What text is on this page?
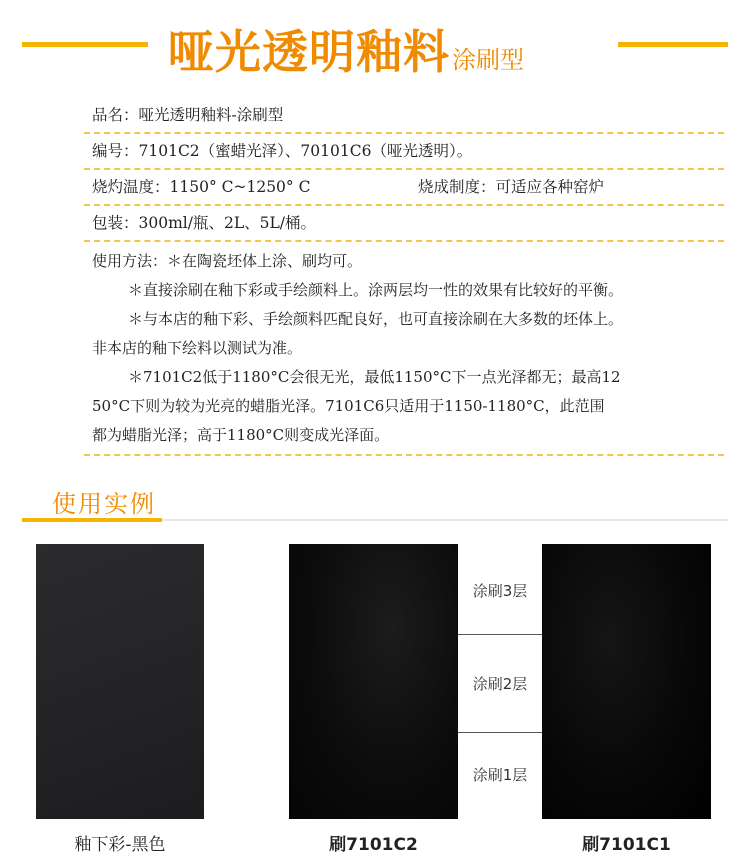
哑光透明釉料涂刷型
品名：哑光透明釉料-涂刷型
编号：7101C2（蜜蜡光泽）、70101C6（哑光透明）。
烧灼温度：1150° C~1250° C	烧成制度：可适应各种窑炉
包装：300ml/瓶、2L、5L/桶。
使用方法：＊在陶瓷坯体上涂、刷均可。
＊直接涂刷在釉下彩或手绘颜料上。涂两层均一性的效果有比较好的平衡。
＊与本店的釉下彩、手绘颜料匹配良好，也可直接涂刷在大多数的坯体上。
非本店的釉下绘料以测试为准。
＊7101C2低于1180°C会很无光，最低1150°C下一点光泽都无；最高12
50°C下则为较为光亮的蜡脂光泽。7101C6只适用于1150-1180°C，此范围
都为蜡脂光泽；高于1180°C则变成光泽面。
使用实例
涂刷3层
涂刷2层
涂刷1层
釉下彩-黑色	刷7101C2	刷7101C1
